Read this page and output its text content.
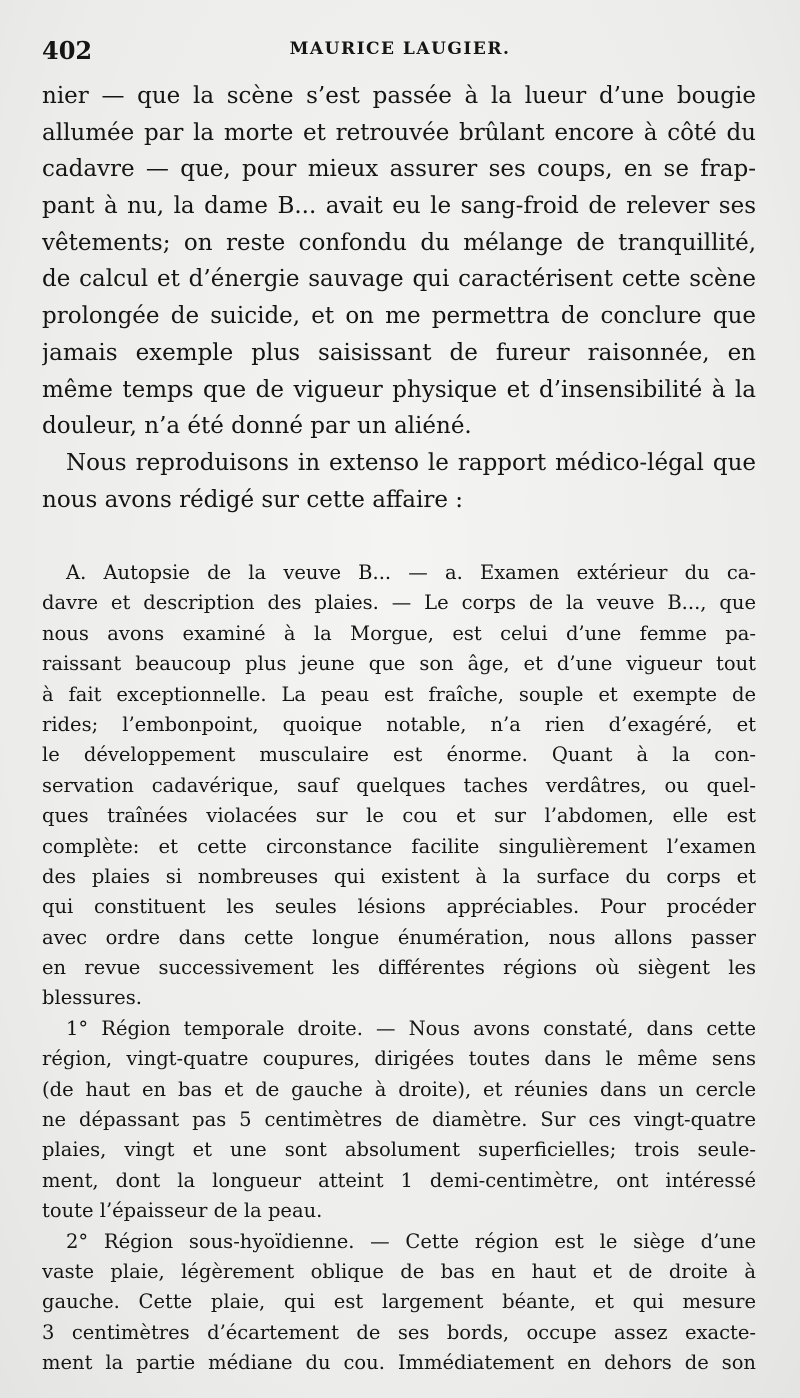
402	MAURICE LAUGIER.
nier — que la scène s’est passée à la lueur d’une bougie
allumée par la morte et retrouvée brûlant encore à côté du
cadavre — que, pour mieux assurer ses coups, en se frap-
pant à nu, la dame B... avait eu le sang-froid de relever ses
vêtements; on reste confondu du mélange de tranquillité,
de calcul et d’énergie sauvage qui caractérisent cette scène
prolongée de suicide, et on me permettra de conclure que
jamais exemple plus saisissant de fureur raisonnée, en
même temps que de vigueur physique et d’insensibilité à la
douleur, n’a été donné par un aliéné.
Nous reproduisons in extenso le rapport médico-légal que
nous avons rédigé sur cette affaire :
A. Autopsie de la veuve B... — a. Examen extérieur du ca-
davre et description des plaies. — Le corps de la veuve B..., que
nous avons examiné à la Morgue, est celui d’une femme pa-
raissant beaucoup plus jeune que son âge, et d’une vigueur tout
à fait exceptionnelle. La peau est fraîche, souple et exempte de
rides; l’embonpoint, quoique notable, n’a rien d’exagéré, et
le développement musculaire est énorme. Quant à la con-
servation cadavérique, sauf quelques taches verdâtres, ou quel-
ques traînées violacées sur le cou et sur l’abdomen, elle est
complète: et cette circonstance facilite singulièrement l’examen
des plaies si nombreuses qui existent à la surface du corps et
qui constituent les seules lésions appréciables. Pour procéder
avec ordre dans cette longue énumération, nous allons passer
en revue successivement les différentes régions où siègent les
blessures.
1° Région temporale droite. — Nous avons constaté, dans cette
région, vingt-quatre coupures, dirigées toutes dans le même sens
(de haut en bas et de gauche à droite), et réunies dans un cercle
ne dépassant pas 5 centimètres de diamètre. Sur ces vingt-quatre
plaies, vingt et une sont absolument superficielles; trois seule-
ment, dont la longueur atteint 1 demi-centimètre, ont intéressé
toute l’épaisseur de la peau.
2° Région sous-hyoïdienne. — Cette région est le siège d’une
vaste plaie, légèrement oblique de bas en haut et de droite à
gauche. Cette plaie, qui est largement béante, et qui mesure
3 centimètres d’écartement de ses bords, occupe assez exacte-
ment la partie médiane du cou. Immédiatement en dehors de son
